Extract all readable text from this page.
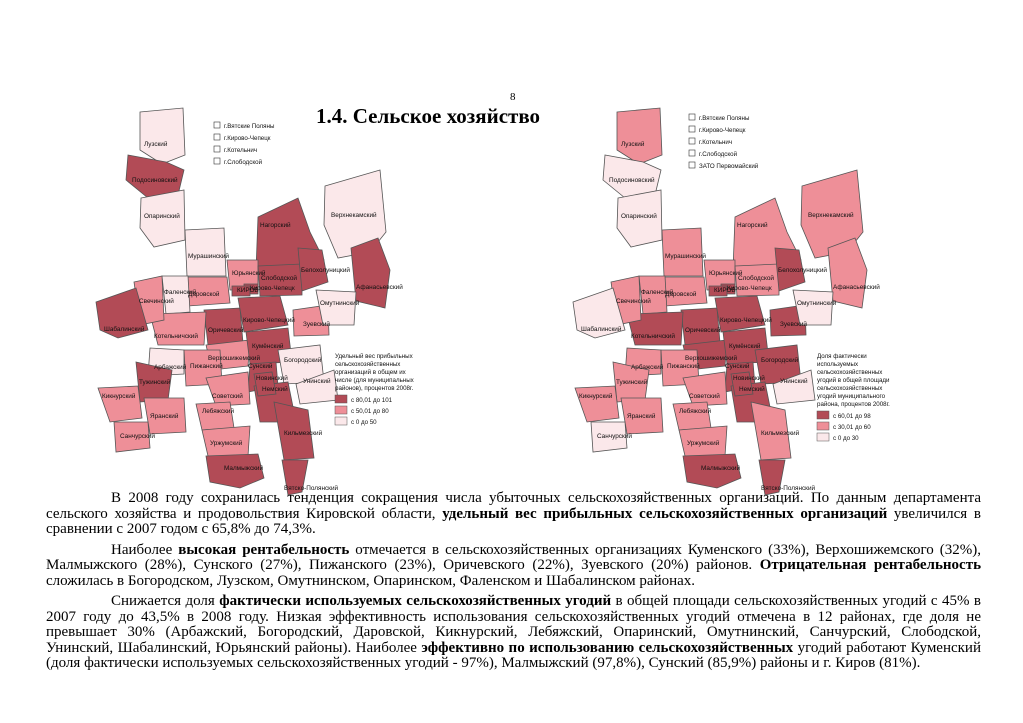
8
1.4. Сельское хозяйство
Лузский
Подосиновский
Опаринский
Мурашинский
Нагорский
Верхнекамский
Юрьянский
Слободской
Белохолуницкий
Афанасьевский
Даровской
Оричевский
Кирово-Чепецкий
Зуевский
Омутнинский
Фаленский
Котельничский
Свечинский
Шабалинский
Верхошижемский
Кумёнский
Сунский
Богородский
Унинский
Арбажский Пижанский
Немский
Советский
Тужинский
Лебяжский
Кикнурский
Яранский
Санчурский
Уржумский
Малмыжский
Кильмезский
Вятско-Полянский
Кирово-Чепецк
КИРОВ
Новинский
г.Вятские Поляны
г.Кирово-Чепецк
г.Котельнич
г.Слободской
Удельный вес прибыльных
сельскохозяйственных
организаций в общем их
числе (для муниципальных
районов), процентов 2008г.
с 80,01 до 101
с 50,01 до 80
с 0 до 50
Лузский
Подосиновский
Опаринский
Мурашинский
Нагорский
Верхнекамский
Юрьянский
Слободской
Белохолуницкий
Афанасьевский
Даровской
Оричевский
Кирово-Чепецкий
Зуевский
Омутнинский
Фаленский
Котельничский
Свечинский
Шабалинский
Верхошижемский
Кумёнский
Сунский
Богородский
Унинский
Арбажский Пижанский
Немский
Советский
Тужинский
Лебяжский
Кикнурский
Яранский
Санчурский
Уржумский
Малмыжский
Кильмезский
Вятско-Полянский
Кирово-Чепецк
КИРОВ
Новинский
г.Вятские Поляны
г.Кирово-Чепецк
г.Котельнич
г.Слободской
ЗАТО Первомайский
Доля фактически
используемых
сельскохозяйственных
угодий в общей площади
сельскохозяйственных
угодий муниципального
района, процентов 2008г.
с 60,01 до 98
с 30,01 до 60
с 0 до 30

В 2008 году сохранилась тенденция сокращения числа убыточных сельскохозяйственных организаций. По данным департамента сельского хозяйства и продовольствия Кировской области, удельный вес прибыльных сельскохозяйственных организаций увеличился в сравнении с 2007 годом с 65,8% до 74,3%.

Наиболее высокая рентабельность отмечается в сельскохозяйственных организациях Куменского (33%), Верхошижемского (32%), Малмыжского (28%), Сунского (27%), Пижанского (23%), Оричевского (22%), Зуевского (20%) районов. Отрицательная рентабельность сложилась в Богородском, Лузском, Омутнинском, Опаринском, Фаленском и Шабалинском районах.

Снижается доля фактически используемых сельскохозяйственных угодий в общей площади сельскохозяйственных угодий с 45% в 2007 году до 43,5% в 2008 году. Низкая эффективность использования сельскохозяйственных угодий отмечена в 12 районах, где доля не превышает 30% (Арбажский, Богородский, Даровской, Кикнурский, Лебяжский, Опаринский, Омутнинский, Санчурский, Слободской, Унинский, Шабалинский, Юрьянский районы). Наиболее эффективно по использованию сельскохозяйственных угодий работают Куменский (доля фактически используемых сельскохозяйственных угодий - 97%), Малмыжский (97,8%), Сунский (85,9%) районы и г. Киров (81%).
